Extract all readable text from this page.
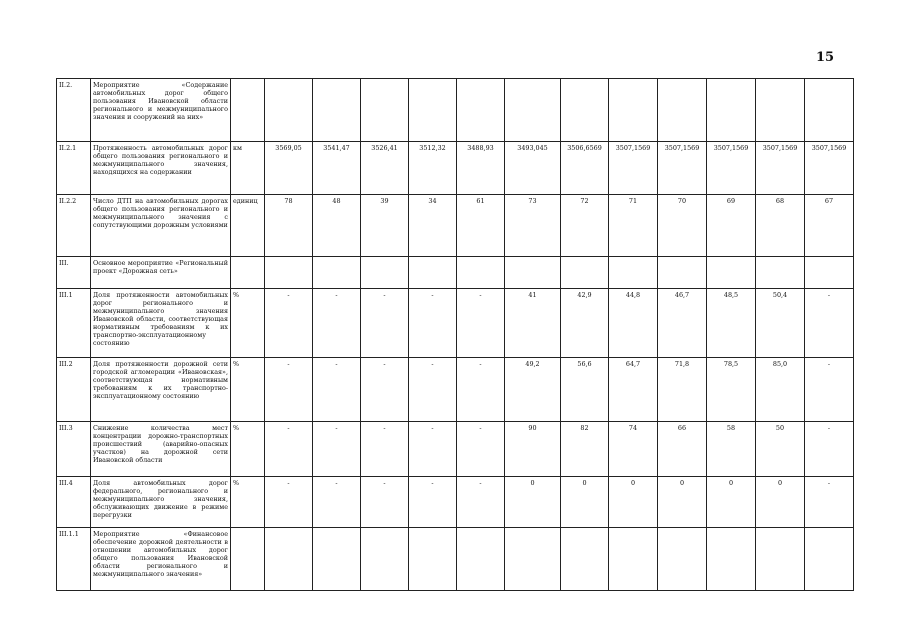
15
II.2.	Мероприятие «Содержание автомобильных дорог общего пользования Ивановской области регионального и межмуниципального значения и сооружений на них»													
II.2.1	Протяженность автомобильных дорог общего пользования регионального и межмуниципального значения, находящихся на содержании	км	3569,05	3541,47	3526,41	3512,32	3488,93	3493,045	3506,6569	3507,1569	3507,1569	3507,1569	3507,1569	3507,1569
II.2.2	Число ДТП на автомобильных дорогах общего пользования регионального и межмуниципального значения с сопутствующими дорожным условиями	единиц	78	48	39	34	61	73	72	71	70	69	68	67
III.	Основное мероприятие «Региональный проект «Дорожная сеть»													
III.1	Доля протяженности автомобильных дорог регионального и межмуниципального значения Ивановской области, соответствующая нормативным требованиям к их транспортно-эксплуатационному состоянию	%	-	-	-	-	-	41	42,9	44,8	46,7	48,5	50,4	-
III.2	Доля протяженности дорожной сети городской агломерации «Ивановская», соответствующая нормативным требованиям к их транспортно-эксплуатационному состоянию	%	-	-	-	-	-	49,2	56,6	64,7	71,8	78,5	85,0	-
III.3	Снижение количества мест концентрации дорожно-транспортных происшествий (аварийно-опасных участков) на дорожной сети Ивановской области	%	-	-	-	-	-	90	82	74	66	58	50	-
III.4	Доля автомобильных дорог федерального, регионального и межмуниципального значения, обслуживающих движение в режиме перегрузки	%	-	-	-	-	-	0	0	0	0	0	0	-
III.1.1	Мероприятие «Финансовое обеспечение дорожной деятельности в отношении автомобильных дорог общего пользования Ивановской области регионального и межмуниципального значения»													
